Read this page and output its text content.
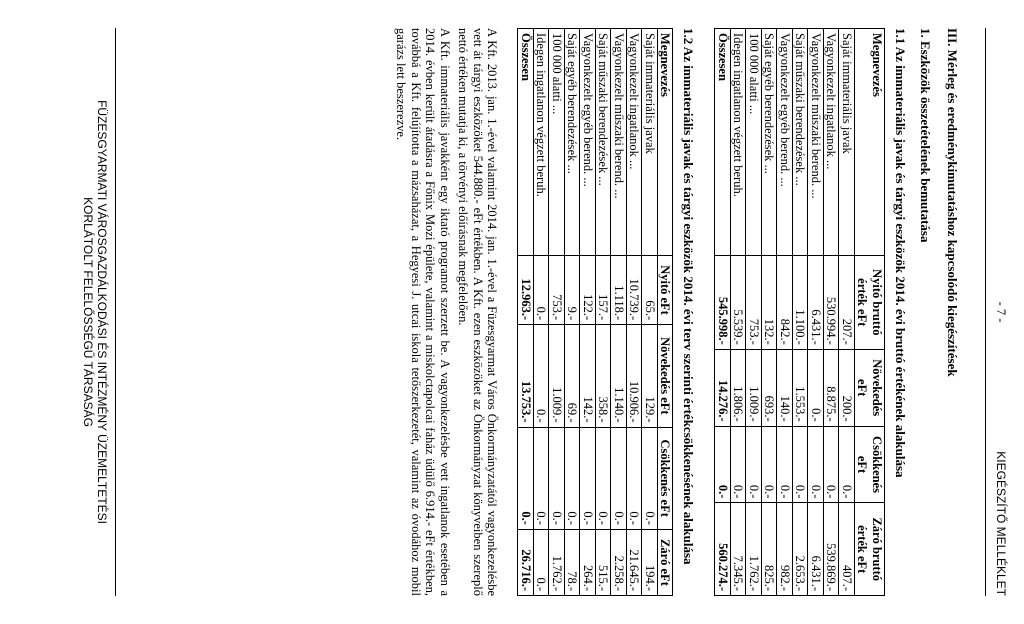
- 7 -
KIEGÉSZÍTŐ MELLÉKLET
III. Mérleg és eredménykimutatáshoz kapcsolódó kiegészítések
1. Eszközök összetételének bemutatása
1.1 Az immateriális javak és tárgyi eszközök 2014. évi bruttó értékének alakulása
Megnevezés	Nyitó bruttó érték eFt	Növekedés eFt	Csökkenés eFt	Záró bruttó érték eFt
Saját immateriális javak	207.-	200.-	0.-	407.-
Vagyonkezelt ingatlanok ...	530.994.-	8.875.-	0.-	539.869.-
Vagyonkezelt műszaki berend. ...	6.431.-	0.-	0.-	6.431.-
Saját műszaki berendezések ...	1.100.-	1.553.-	0.-	2.653.-
Vagyonkezelt egyéb berend. ...	842.-	140.-	0.-	982.-
Saját egyéb berendezések ...	132.-	693.-	0.-	825.-
100 000 alatti ...	753.-	1.009.-	0.-	1.762.-
Idegen ingatlanon végzett beruh.	5.539.-	1.806.-	0.-	7.345.-
Összesen	545.998.-	14.276.-	0.-	560.274.-
1.2 Az immateriális javak és tárgyi eszközök 2014. évi terv szerinti értékcsökkenésének alakulása
Megnevezés	Nyitó eFt	Növekedés eFt	Csökkenés eFt	Záró eFt
Saját immateriális javak	65.-	129.-	0.-	194.-
Vagyonkezelt ingatlanok ...	10.739.-	10.906.-	0.-	21.645.-
Vagyonkezelt műszaki berend. ...	1.118.-	1.140.-	0.-	2.258.-
Saját műszaki berendezések ...	157.-	358.-	0.-	515.-
Vagyonkezelt egyéb berend. ...	122.-	142.-	0.-	264.-
Saját egyéb berendezések ...	9.-	69.-	0.-	78.-
100 000 alatti ...	753.-	1.009.-	0.-	1.762.-
Idegen ingatlanon végzett beruh.	0.-	0.-	0.-	0.-
Összesen	12.963.-	13.753.-	0.-	26.716.-

A Kft. 2013. jan. 1.-ével valamint 2014. jan. 1.-ével a Füzesgyarmat Város Önkormányzatától vagyonkezelésbe vett át tárgyi eszközöket 544.880.- eFt értékben. A Kft. ezen eszközöket az Önkormányzat könyveiben szereplő nettó értéken mutatja ki, a törvényi előírásnak megfelelően.

A Kft. immateriális javakként egy iktató programot szerzett be. A vagyonkezelésbe vett ingatlanok esetében a 2014. évben került átadásra a Főnix Mozi épülete, valamint a miskolctapolcai faház üdülő 6.914.- eFt értékben, továbbá a Kft. felújította a mázsaházat, a Hegyesi J. utcai iskola tetőszerkezetét, valamint az óvodához mobil garázs lett beszerezve.

FÜZESGYARMATI VÁROSGAZDÁLKODÁSI ÉS INTÉZMÉNY ÜZEMELTETÉSI
KORLÁTOLT FELELŐSSÉGŰ TÁRSASÁG
